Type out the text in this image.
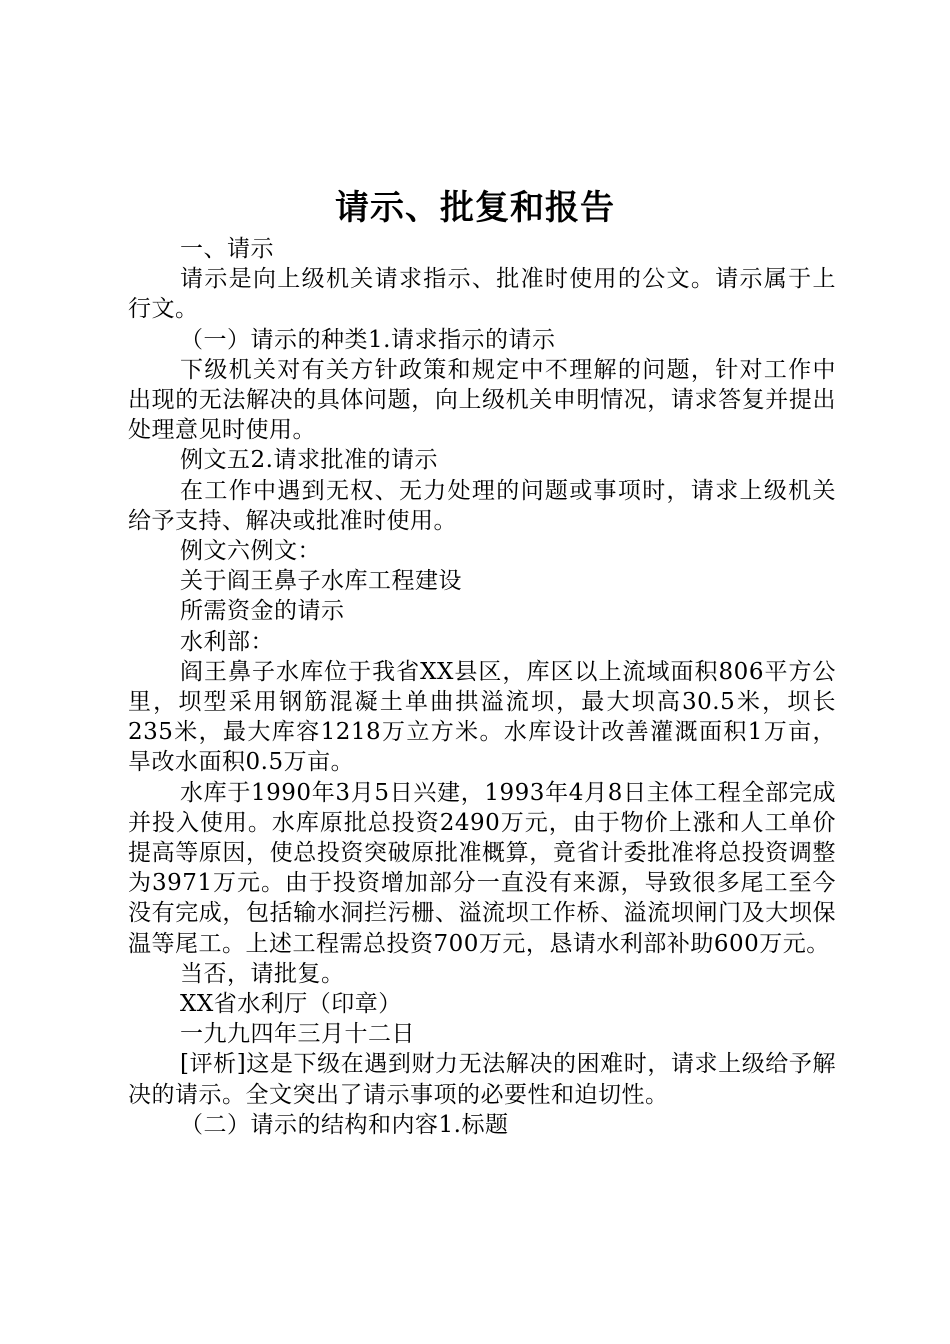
请示、批复和报告

一、请示

请示是向上级机关请求指示、批准时使用的公文。请示属于上行文。

（一）请示的种类1.请求指示的请示

下级机关对有关方针政策和规定中不理解的问题，针对工作中出现的无法解决的具体问题，向上级机关申明情况，请求答复并提出处理意见时使用。

例文五2.请求批准的请示

在工作中遇到无权、无力处理的问题或事项时，请求上级机关给予支持、解决或批准时使用。

例文六例文：

关于阎王鼻子水库工程建设

所需资金的请示

水利部：

阎王鼻子水库位于我省XX县区，库区以上流域面积806平方公里，坝型采用钢筋混凝土单曲拱溢流坝，最大坝高30.5米，坝长235米，最大库容1218万立方米。水库设计改善灌溉面积1万亩，旱改水面积0.5万亩。

水库于1990年3月5日兴建，1993年4月8日主体工程全部完成并投入使用。水库原批总投资2490万元，由于物价上涨和人工单价提高等原因，使总投资突破原批准概算，竟省计委批准将总投资调整为3971万元。由于投资增加部分一直没有来源，导致很多尾工至今没有完成，包括输水洞拦污栅、溢流坝工作桥、溢流坝闸门及大坝保温等尾工。上述工程需总投资700万元，恳请水利部补助600万元。

当否，请批复。

XX省水利厅（印章）

一九九四年三月十二日

[评析]这是下级在遇到财力无法解决的困难时，请求上级给予解决的请示。全文突出了请示事项的必要性和迫切性。

（二）请示的结构和内容1.标题
